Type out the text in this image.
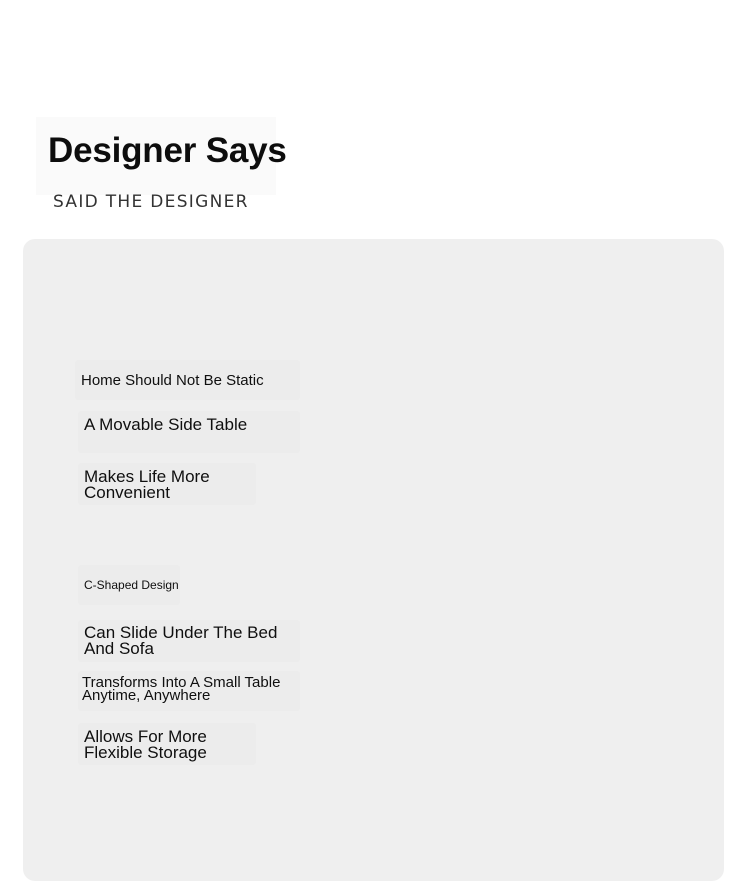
Designer Says

SAID THE DESIGNER

Home Should Not Be Static

A Movable Side Table

Makes Life More Convenient

C-Shaped Design

Can Slide Under The Bed And Sofa

Transforms Into A Small Table Anytime, Anywhere

Allows For More Flexible Storage
